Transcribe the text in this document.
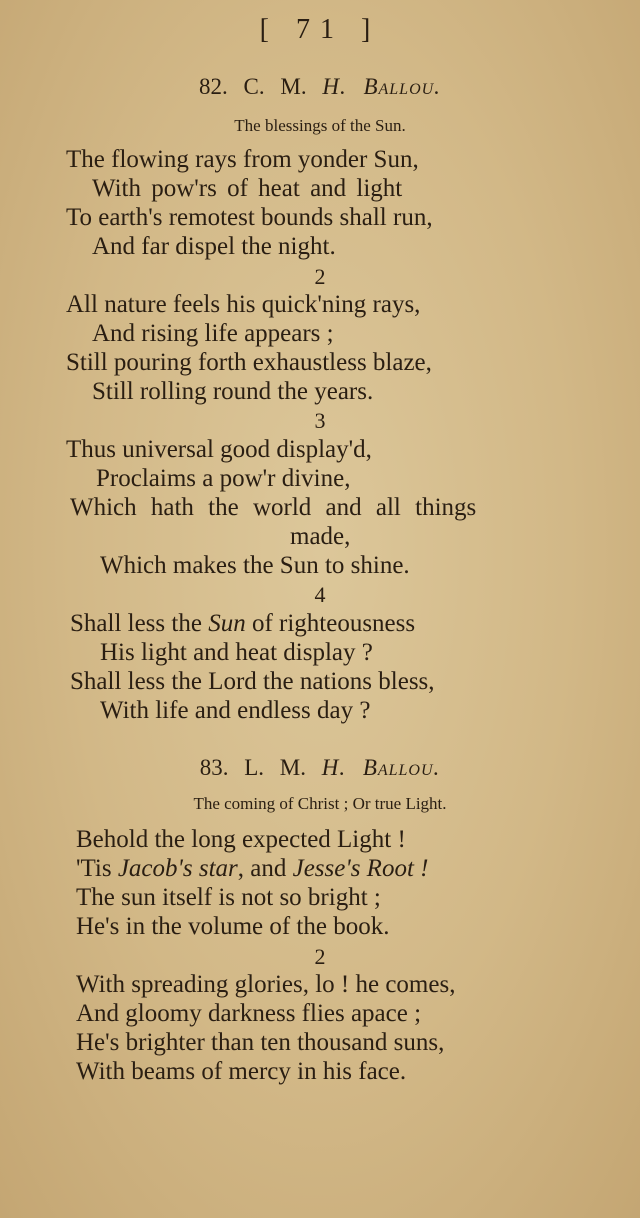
[ 71 ]
82. C. M. H. Ballou.
The blessings of the Sun.
The flowing rays from yonder Sun,
With pow'rs of heat and light
To earth's remotest bounds shall run,
And far dispel the night.
2
All nature feels his quick'ning rays,
And rising life appears ;
Still pouring forth exhaustless blaze,
Still rolling round the years.
3
Thus universal good display'd,
Proclaims a pow'r divine,
Which hath the world and all things
made,
Which makes the Sun to shine.
4
Shall less the Sun of righteousness
His light and heat display ?
Shall less the Lord the nations bless,
With life and endless day ?
83. L. M. H. Ballou.
The coming of Christ ; Or true Light.
Behold the long expected Light !
'Tis Jacob's star, and Jesse's Root !
The sun itself is not so bright ;
He's in the volume of the book.
2
With spreading glories, lo ! he comes,
And gloomy darkness flies apace ;
He's brighter than ten thousand suns,
With beams of mercy in his face.
